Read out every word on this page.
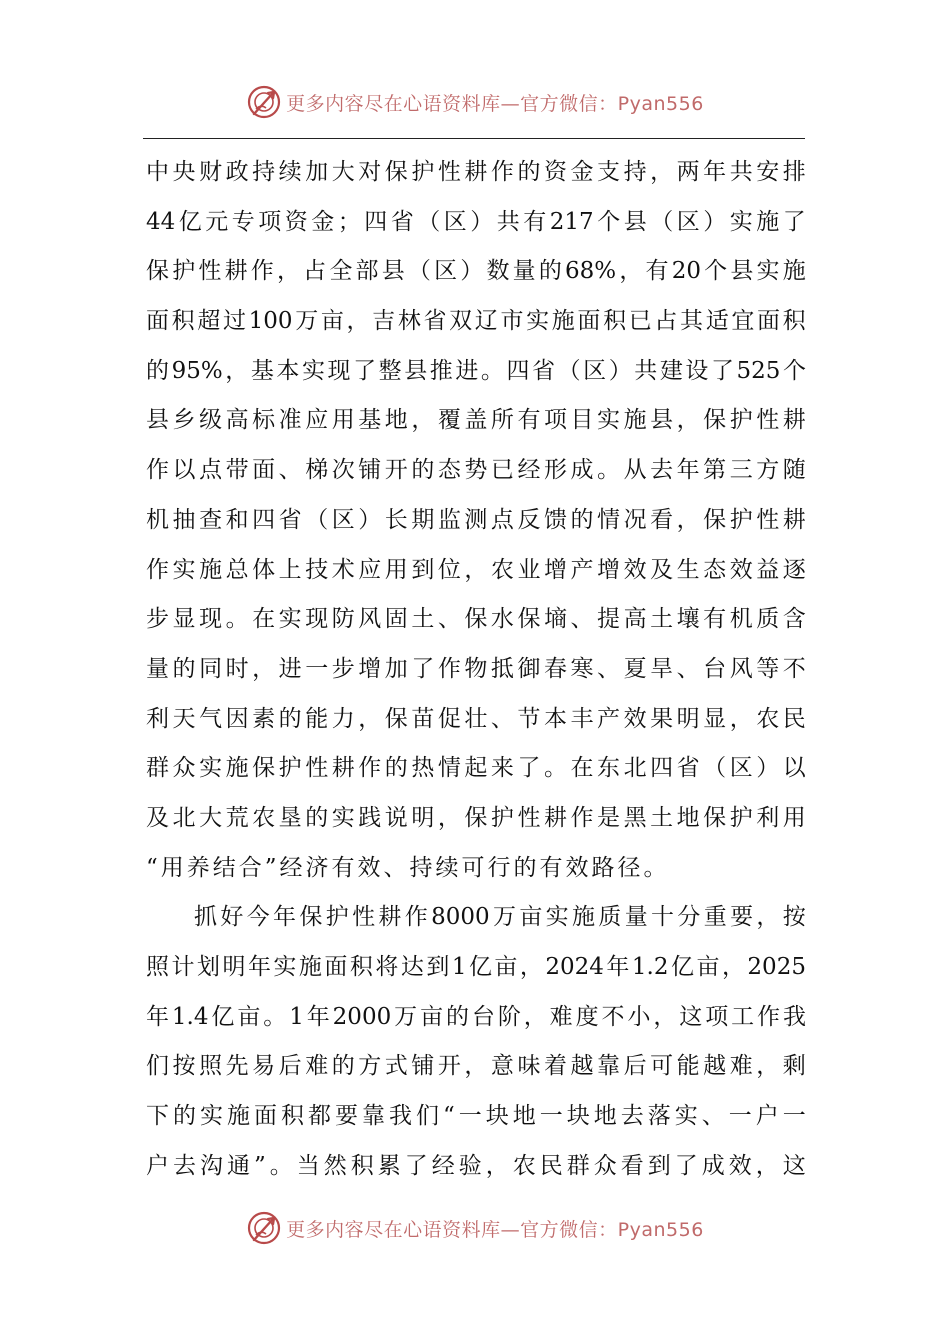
更多内容尽在心语资料库—官方微信：Pyan556
中 央 财 政 持 续 加 大 对 保 护 性 耕 作 的 资 金 支 持 ， 两 年 共 安 排
44 亿 元 专 项 资 金 ； 四 省 （ 区 ） 共 有 217 个 县 （ 区 ） 实 施 了
保 护 性 耕 作 ， 占 全 部 县 （ 区 ） 数 量 的 68% ， 有 20 个 县 实 施
面 积 超 过 100 万 亩 ， 吉 林 省 双 辽 市 实 施 面 积 已 占 其 适 宜 面 积
的 95% ， 基 本 实 现 了 整 县 推 进 。 四 省 （ 区 ） 共 建 设 了 525 个
县 乡 级 高 标 准 应 用 基 地 ， 覆 盖 所 有 项 目 实 施 县 ， 保 护 性 耕
作 以 点 带 面 、 梯 次 铺 开 的 态 势 已 经 形 成 。 从 去 年 第 三 方 随
机 抽 查 和 四 省 （ 区 ） 长 期 监 测 点 反 馈 的 情 况 看 ， 保 护 性 耕
作 实 施 总 体 上 技 术 应 用 到 位 ， 农 业 增 产 增 效 及 生 态 效 益 逐
步 显 现 。 在 实 现 防 风 固 土 、 保 水 保 墒 、 提 高 土 壤 有 机 质 含
量 的 同 时 ， 进 一 步 增 加 了 作 物 抵 御 春 寒 、 夏 旱 、 台 风 等 不
利 天 气 因 素 的 能 力 ， 保 苗 促 壮 、 节 本 丰 产 效 果 明 显 ， 农 民
群 众 实 施 保 护 性 耕 作 的 热 情 起 来 了 。 在 东 北 四 省 （ 区 ） 以
及 北 大 荒 农 垦 的 实 践 说 明 ， 保 护 性 耕 作 是 黑 土 地 保 护 利 用
“用养结合”经济有效、持续可行的有效路径。
抓 好 今 年 保 护 性 耕 作 8000 万 亩 实 施 质 量 十 分 重 要 ， 按
照 计 划 明 年 实 施 面 积 将 达 到 1 亿 亩 ， 2024 年 1.2 亿 亩 ， 2025
年 1.4 亿 亩 。 1 年 2000 万 亩 的 台 阶 ， 难 度 不 小 ， 这 项 工 作 我
们 按 照 先 易 后 难 的 方 式 铺 开 ， 意 味 着 越 靠 后 可 能 越 难 ， 剩
下 的 实 施 面 积 都 要 靠 我 们 “ 一 块 地 一 块 地 去 落 实 、 一 户 一
户 去 沟 通 ” 。 当 然 积 累 了 经 验 ， 农 民 群 众 看 到 了 成 效 ， 这
更多内容尽在心语资料库—官方微信：Pyan556
